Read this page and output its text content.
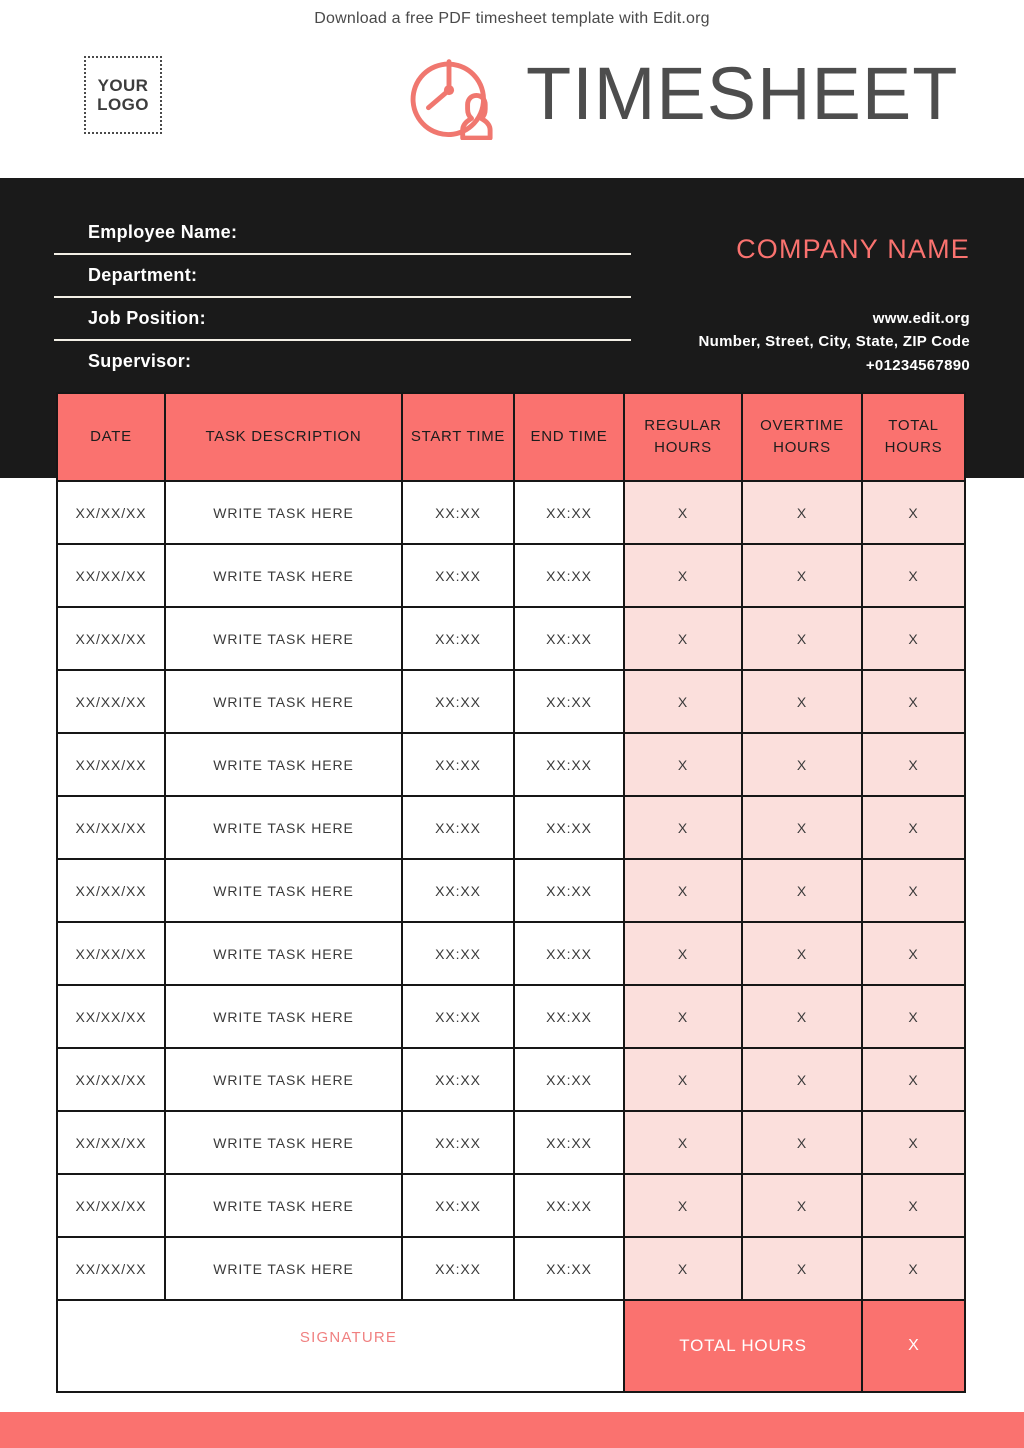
Download a free PDF timesheet template with Edit.org
YOUR
LOGO	TIMESHEET
Employee Name:
Department:
Job Position:
Supervisor:
COMPANY NAME
www.edit.org
Number, Street, City, State, ZIP Code
+01234567890
DATE	TASK DESCRIPTION	START TIME	END TIME	REGULAR HOURS	OVERTIME HOURS	TOTAL HOURS
XX/XX/XX	WRITE TASK HERE	XX:XX	XX:XX	X	X	X
XX/XX/XX	WRITE TASK HERE	XX:XX	XX:XX	X	X	X
XX/XX/XX	WRITE TASK HERE	XX:XX	XX:XX	X	X	X
XX/XX/XX	WRITE TASK HERE	XX:XX	XX:XX	X	X	X
XX/XX/XX	WRITE TASK HERE	XX:XX	XX:XX	X	X	X
XX/XX/XX	WRITE TASK HERE	XX:XX	XX:XX	X	X	X
XX/XX/XX	WRITE TASK HERE	XX:XX	XX:XX	X	X	X
XX/XX/XX	WRITE TASK HERE	XX:XX	XX:XX	X	X	X
XX/XX/XX	WRITE TASK HERE	XX:XX	XX:XX	X	X	X
XX/XX/XX	WRITE TASK HERE	XX:XX	XX:XX	X	X	X
XX/XX/XX	WRITE TASK HERE	XX:XX	XX:XX	X	X	X
XX/XX/XX	WRITE TASK HERE	XX:XX	XX:XX	X	X	X
XX/XX/XX	WRITE TASK HERE	XX:XX	XX:XX	X	X	X
SIGNATURE				TOTAL HOURS		X
